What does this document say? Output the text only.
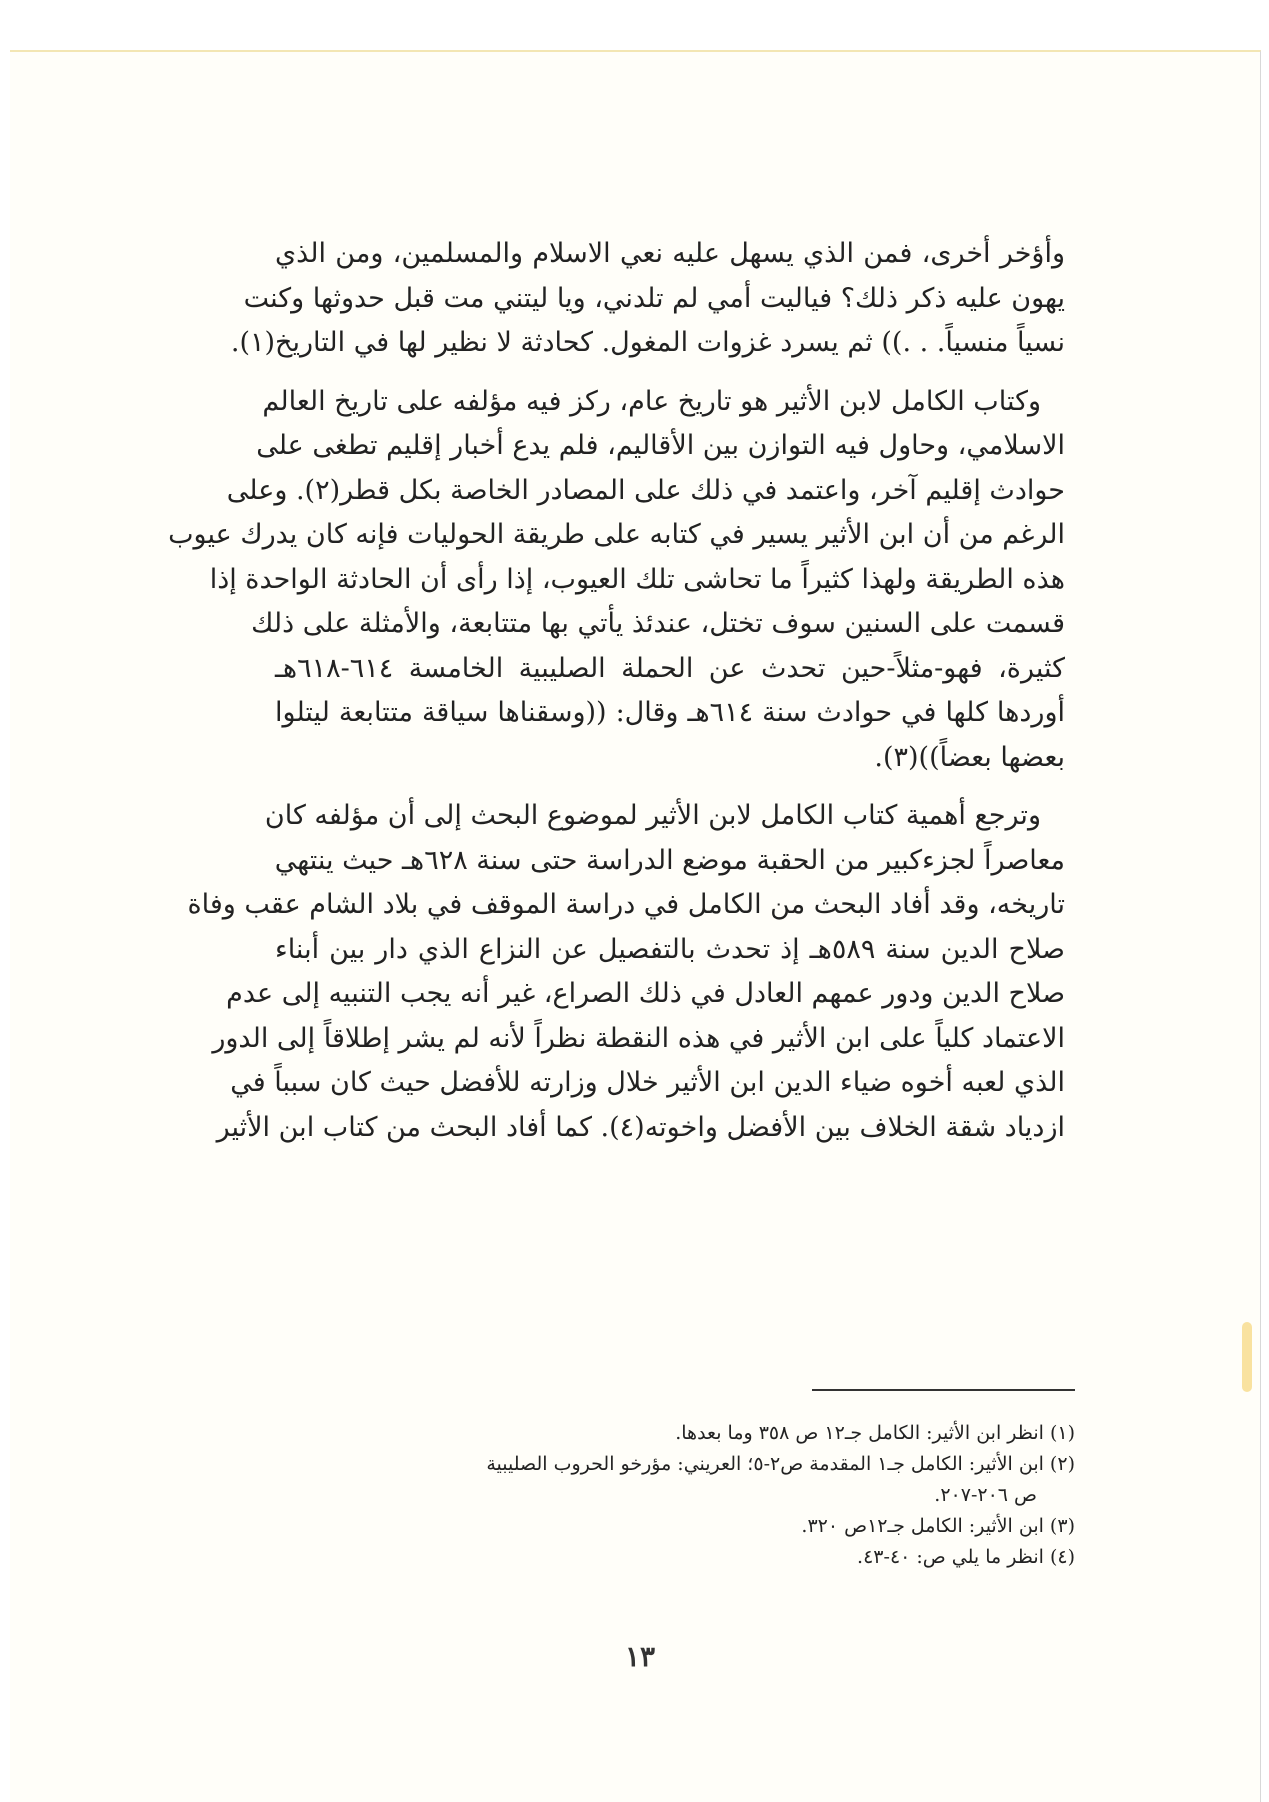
وأؤخر أخرى، فمن الذي يسهل عليه نعي الاسلام والمسلمين، ومن الذي
يهون عليه ذكر ذلك؟ فياليت أمي لم تلدني، ويا ليتني مت قبل حدوثها وكنت
نسياً منسياً. . .)) ثم يسرد غزوات المغول. كحادثة لا نظير لها في التاريخ(١).

وكتاب الكامل لابن الأثير هو تاريخ عام، ركز فيه مؤلفه على تاريخ العالم
الاسلامي، وحاول فيه التوازن بين الأقاليم، فلم يدع أخبار إقليم تطغى على
حوادث إقليم آخر، واعتمد في ذلك على المصادر الخاصة بكل قطر(٢). وعلى
الرغم من أن ابن الأثير يسير في كتابه على طريقة الحوليات فإنه كان يدرك عيوب
هذه الطريقة ولهذا كثيراً ما تحاشى تلك العيوب، إذا رأى أن الحادثة الواحدة إذا
قسمت على السنين سوف تختل، عندئذ يأتي بها متتابعة، والأمثلة على ذلك
كثيرة، فهو-مثلاً-حين تحدث عن الحملة الصليبية الخامسة ٦١٤-٦١٨هـ
أوردها كلها في حوادث سنة ٦١٤هـ وقال: ((وسقناها سياقة متتابعة ليتلوا
بعضها بعضاً))(٣).

وترجع أهمية كتاب الكامل لابن الأثير لموضوع البحث إلى أن مؤلفه كان
معاصراً لجزءكبير من الحقبة موضع الدراسة حتى سنة ٦٢٨هـ حيث ينتهي
تاريخه، وقد أفاد البحث من الكامل في دراسة الموقف في بلاد الشام عقب وفاة
صلاح الدين سنة ٥٨٩هـ إذ تحدث بالتفصيل عن النزاع الذي دار بين أبناء
صلاح الدين ودور عمهم العادل في ذلك الصراع، غير أنه يجب التنبيه إلى عدم
الاعتماد كلياً على ابن الأثير في هذه النقطة نظراً لأنه لم يشر إطلاقاً إلى الدور
الذي لعبه أخوه ضياء الدين ابن الأثير خلال وزارته للأفضل حيث كان سبباً في
ازدياد شقة الخلاف بين الأفضل واخوته(٤). كما أفاد البحث من كتاب ابن الأثير

(١) انظر ابن الأثير: الكامل جـ١٢ ص ٣٥٨ وما بعدها.
(٢) ابن الأثير: الكامل جـ١ المقدمة ص٢-٥؛ العريني: مؤرخو الحروب الصليبية
ص ٢٠٦-٢٠٧.
(٣) ابن الأثير: الكامل جـ١٢ص ٣٢٠.
(٤) انظر ما يلي ص: ٤٠-٤٣.
١٣
